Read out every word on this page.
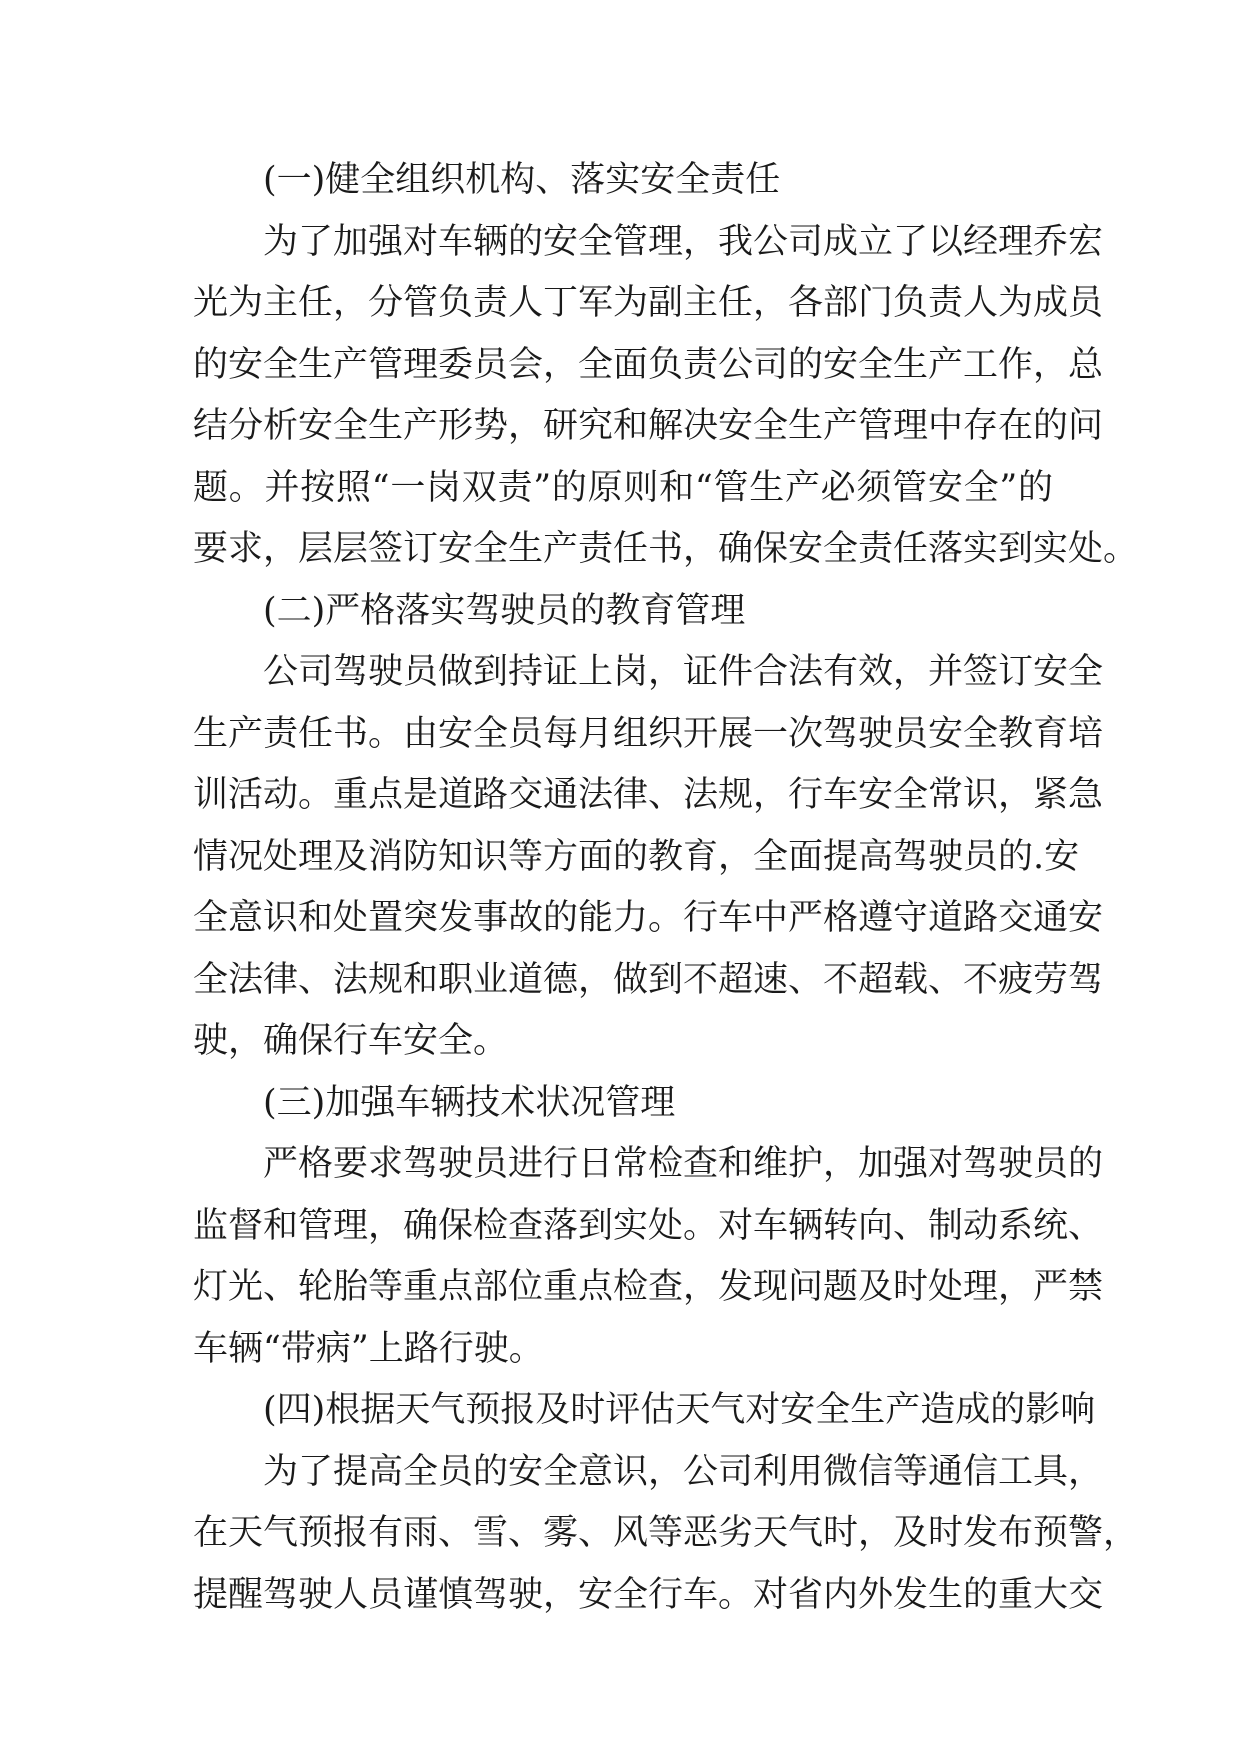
(一)健全组织机构、落实安全责任
为了加强对车辆的安全管理，我公司成立了以经理乔宏
光为主任，分管负责人丁军为副主任，各部门负责人为成员
的安全生产管理委员会，全面负责公司的安全生产工作，总
结分析安全生产形势，研究和解决安全生产管理中存在的问
题。并按照“一岗双责”的原则和“管生产必须管安全”的
要求，层层签订安全生产责任书，确保安全责任落实到实处。
(二)严格落实驾驶员的教育管理
公司驾驶员做到持证上岗，证件合法有效，并签订安全
生产责任书。由安全员每月组织开展一次驾驶员安全教育培
训活动。重点是道路交通法律、法规，行车安全常识，紧急
情况处理及消防知识等方面的教育，全面提高驾驶员的.安
全意识和处置突发事故的能力。行车中严格遵守道路交通安
全法律、法规和职业道德，做到不超速、不超载、不疲劳驾
驶，确保行车安全。
(三)加强车辆技术状况管理
严格要求驾驶员进行日常检查和维护，加强对驾驶员的
监督和管理，确保检查落到实处。对车辆转向、制动系统、
灯光、轮胎等重点部位重点检查，发现问题及时处理，严禁
车辆“带病”上路行驶。
(四)根据天气预报及时评估天气对安全生产造成的影响
为了提高全员的安全意识，公司利用微信等通信工具，
在天气预报有雨、雪、雾、风等恶劣天气时，及时发布预警，
提醒驾驶人员谨慎驾驶，安全行车。对省内外发生的重大交
